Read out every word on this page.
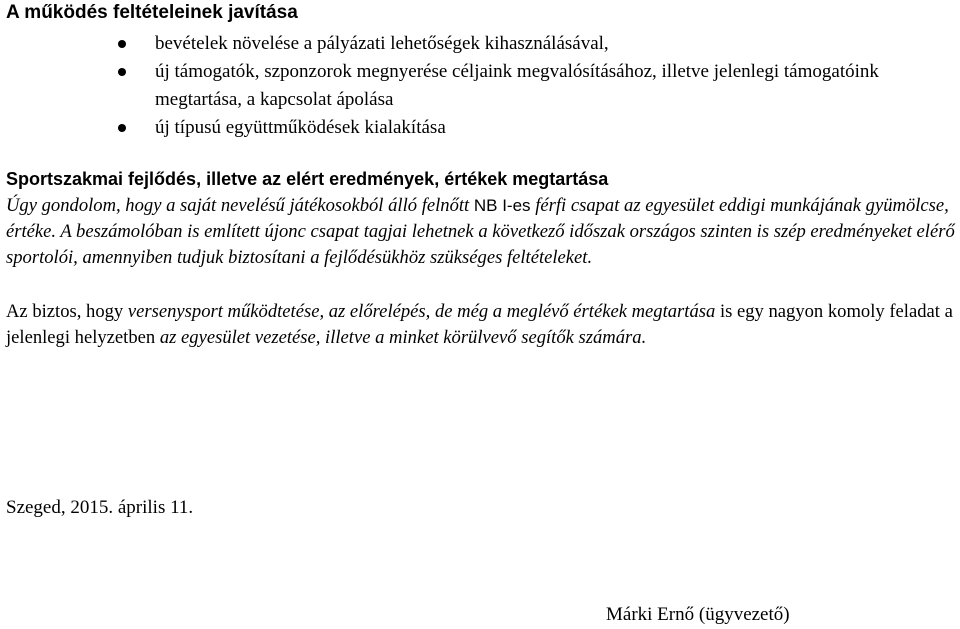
A működés feltételeinek javítása
bevételek növelése a pályázati lehetőségek kihasználásával,
új támogatók, szponzorok megnyerése céljaink megvalósításához, illetve jelenlegi támogatóink megtartása, a kapcsolat ápolása
új típusú együttműködések kialakítása
Sportszakmai fejlődés, illetve az elért eredmények, értékek megtartása

Úgy gondolom, hogy a saját nevelésű játékosokból álló felnőtt NB I-es férfi csapat az egyesület eddigi munkájának gyümölcse, értéke. A beszámolóban is említett újonc csapat tagjai lehetnek a következő időszak országos szinten is szép eredményeket elérő sportolói, amennyiben tudjuk biztosítani a fejlődésükhöz szükséges feltételeket.

Az biztos, hogy versenysport működtetése, az előrelépés, de még a meglévő értékek megtartása is egy nagyon komoly feladat a jelenlegi helyzetben az egyesület vezetése, illetve a minket körülvevő segítők számára.

Szeged, 2015. április 11.
Márki Ernő (ügyvezető)
